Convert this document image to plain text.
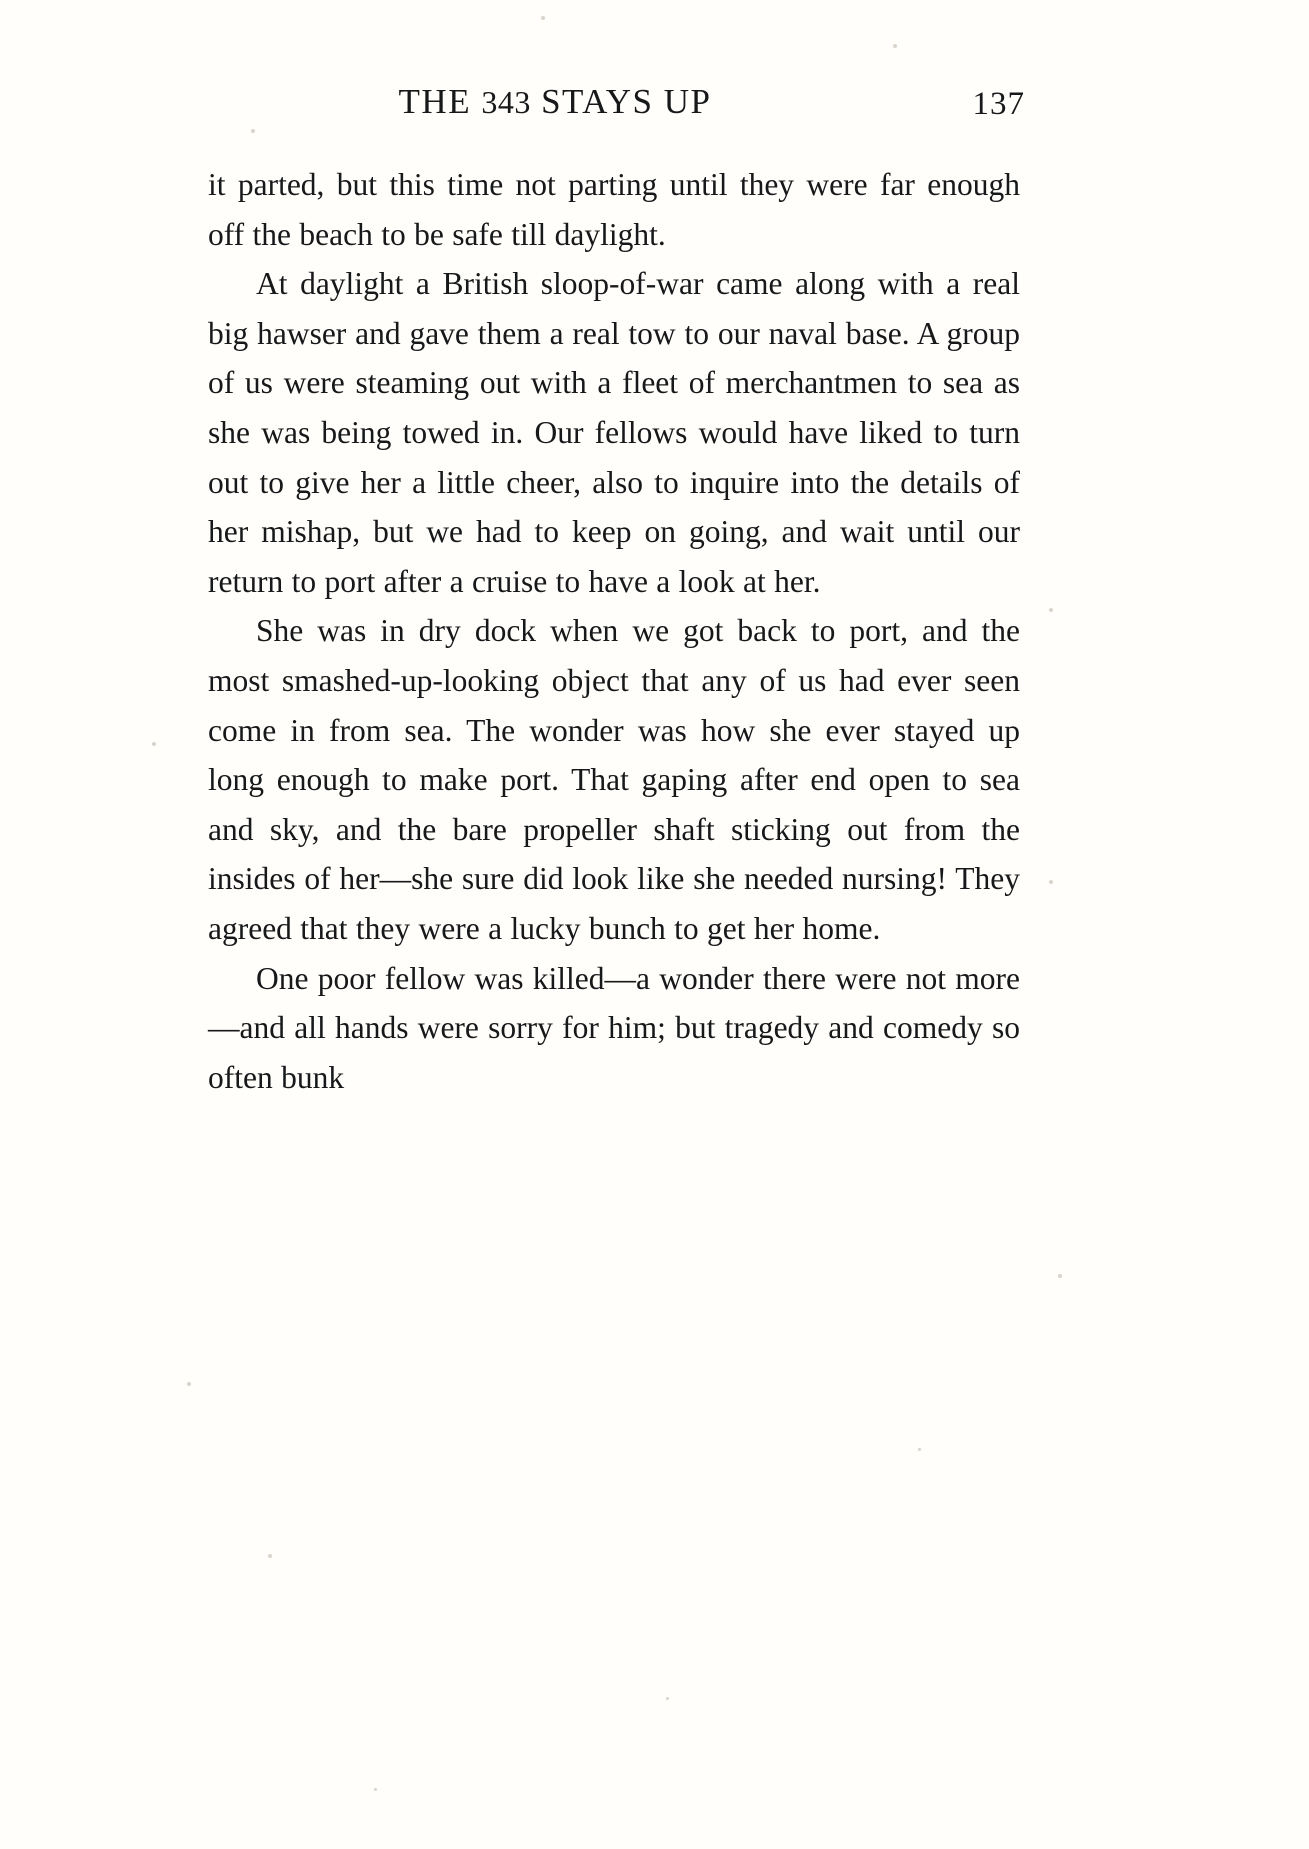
THE 343 STAYS UP	137

it parted, but this time not parting until they were far enough off the beach to be safe till daylight.

At daylight a British sloop-of-war came along with a real big hawser and gave them a real tow to our naval base. A group of us were steaming out with a fleet of merchantmen to sea as she was being towed in. Our fellows would have liked to turn out to give her a little cheer, also to inquire into the details of her mishap, but we had to keep on going, and wait until our return to port after a cruise to have a look at her.

She was in dry dock when we got back to port, and the most smashed-up-looking object that any of us had ever seen come in from sea. The wonder was how she ever stayed up long enough to make port. That gaping after end open to sea and sky, and the bare propeller shaft sticking out from the insides of her—she sure did look like she needed nursing! They agreed that they were a lucky bunch to get her home.

One poor fellow was killed—a wonder there were not more—and all hands were sorry for him; but tragedy and comedy so often bunk
